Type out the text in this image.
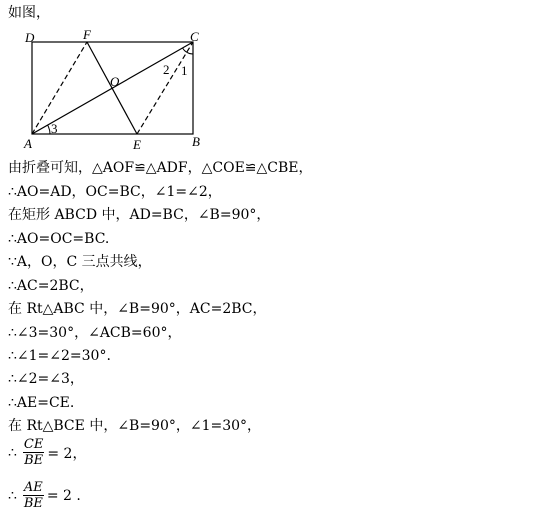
如图，
D	F	C
O
A	E	B
2 1
3
由折叠可知，△AOF≌△ADF，△COE≌△CBE，
∴AO=AD，OC=BC，∠1=∠2，
在矩形 ABCD 中，AD=BC，∠B=90°，
∴AO=OC=BC.
∵A，O，C 三点共线，
∴AC=2BC，
在 Rt△ABC 中，∠B=90°，AC=2BC，
∴∠3=30°，∠ACB=60°，
∴∠1=∠2=30°.
∴∠2=∠3，
∴AE=CE.
在 Rt△BCE 中，∠B=90°，∠1=30°，
∴ $\frac{CE}{BE} = 2$，
∴ $\frac{AE}{BE} = 2$ .
